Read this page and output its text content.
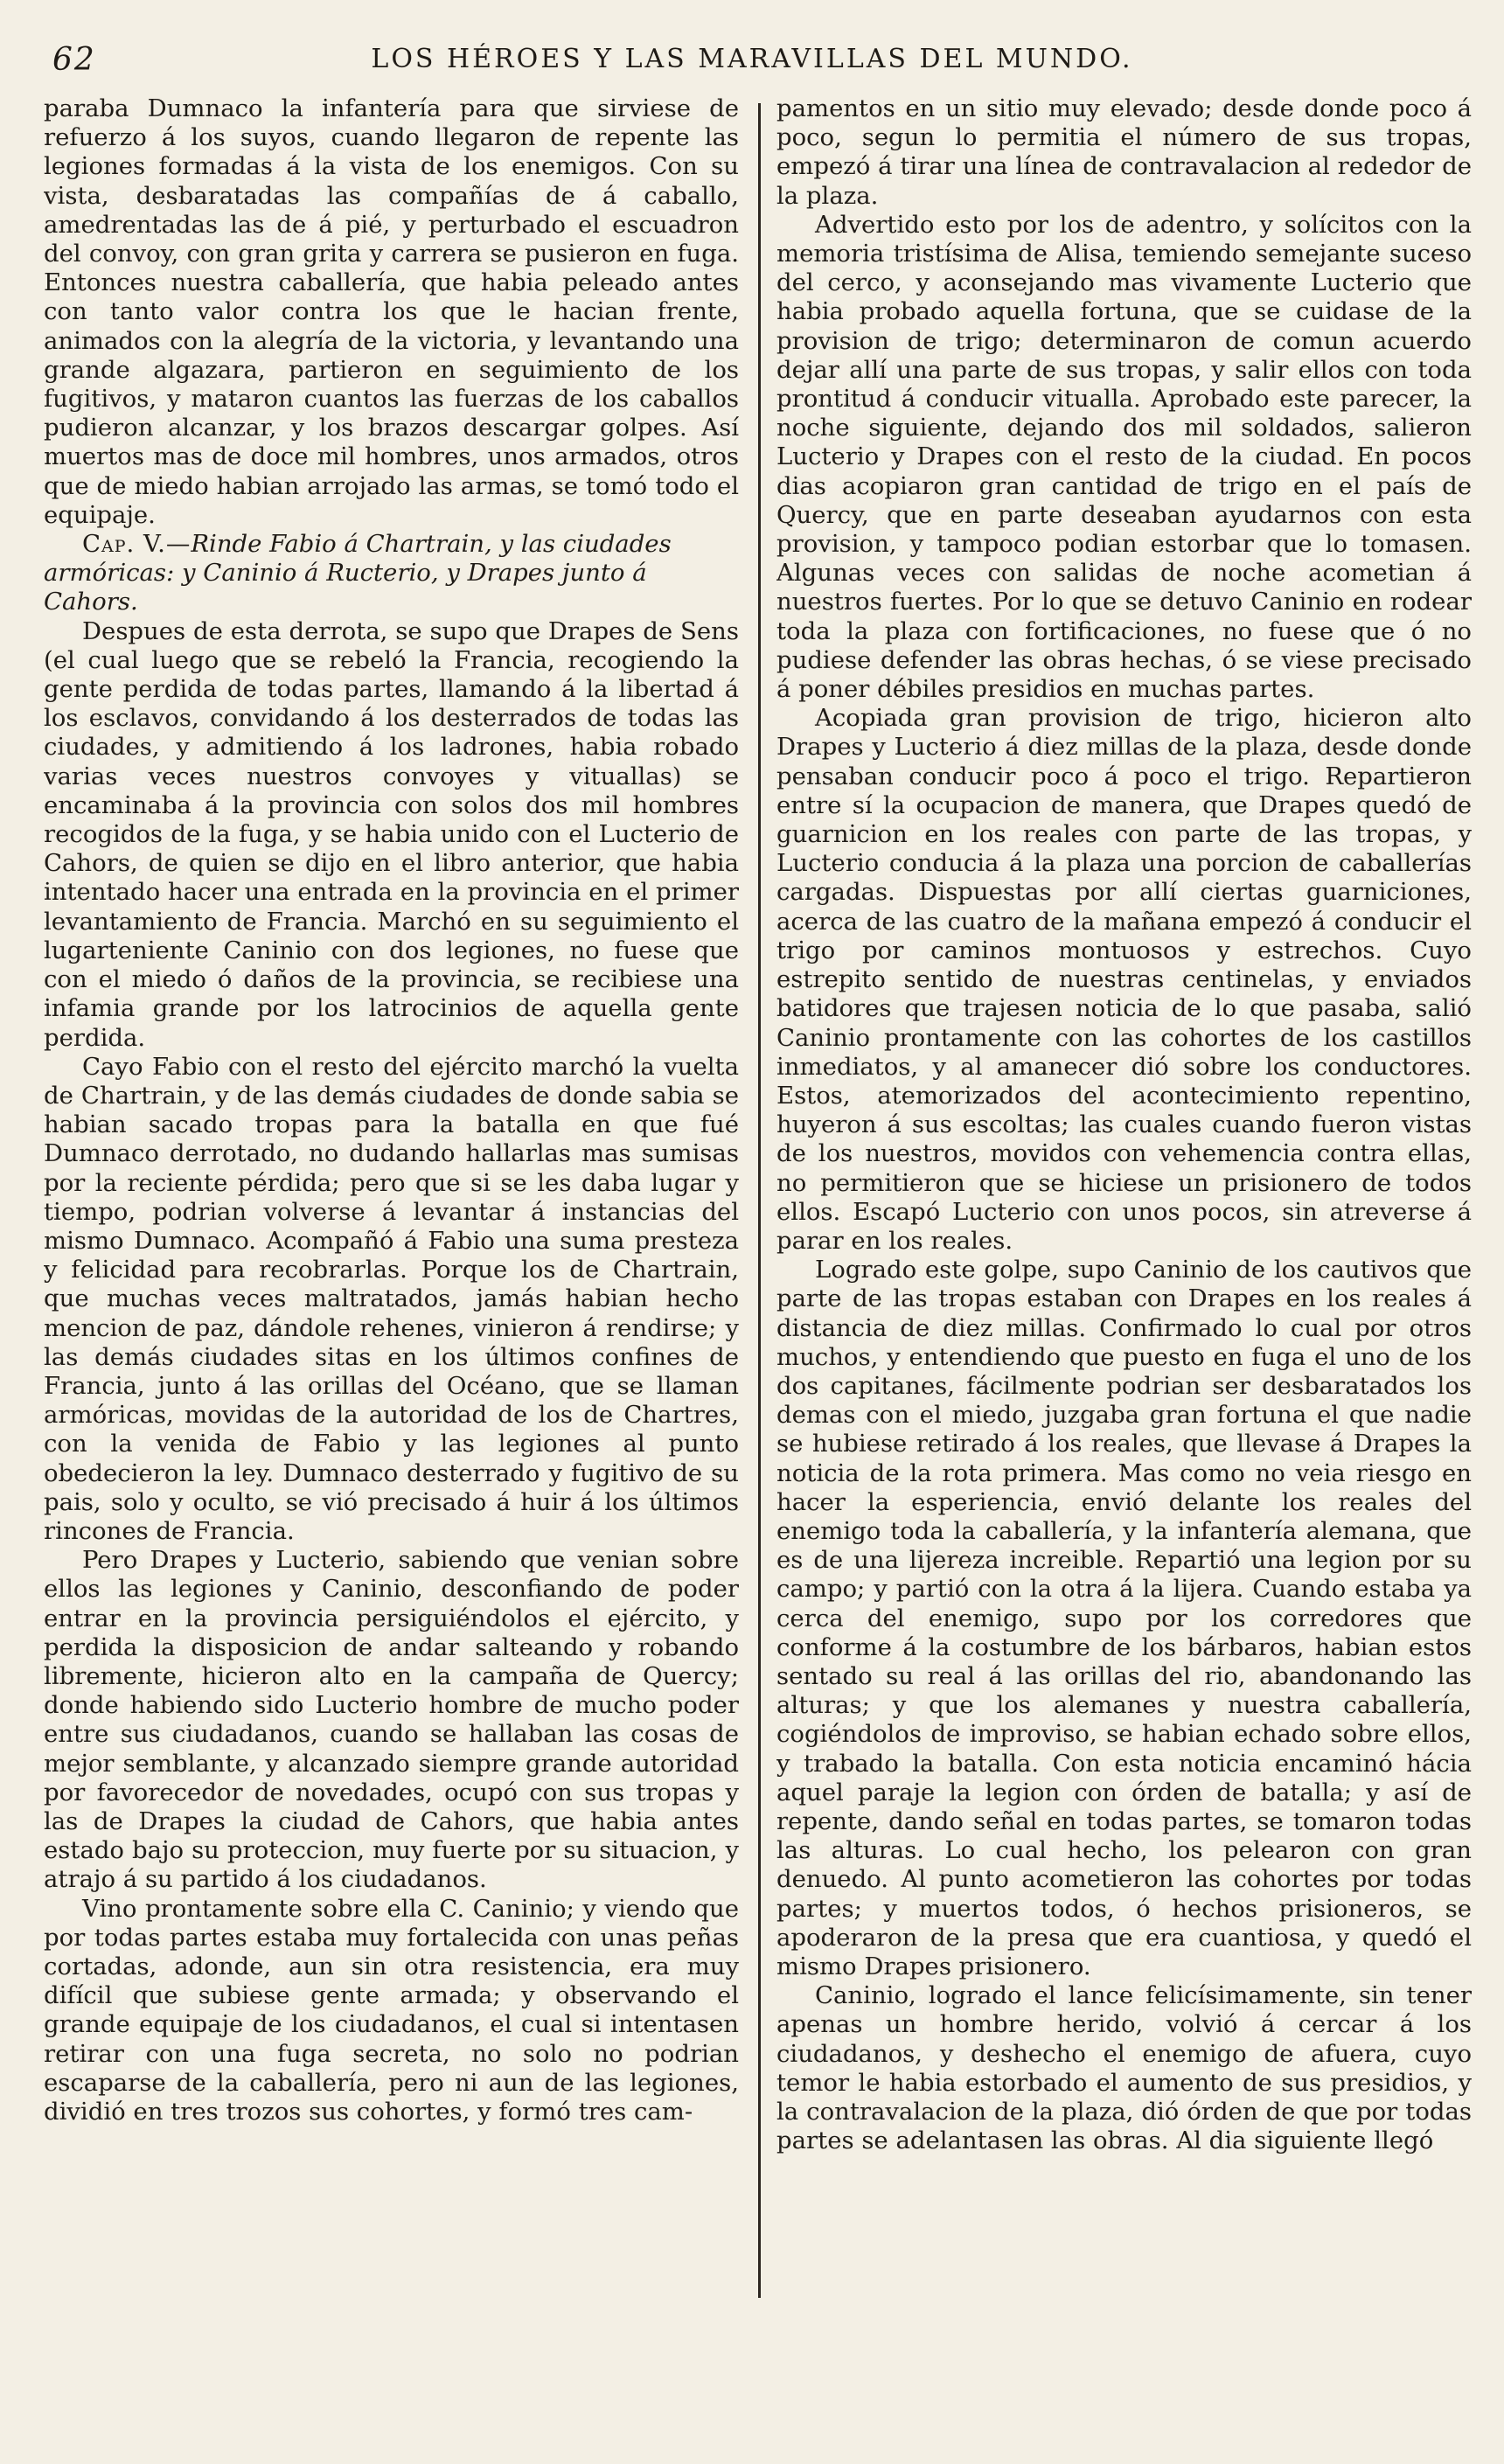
62	LOS HÉROES Y LAS MARAVILLAS DEL MUNDO.

paraba Dumnaco la infantería para que sirviese de refuerzo á los suyos, cuando llegaron de repente las legiones formadas á la vista de los enemigos. Con su vista, desbaratadas las compañías de á caballo, amedrentadas las de á pié, y perturbado el escuadron del convoy, con gran grita y carrera se pusieron en fuga. Entonces nuestra caballería, que habia peleado antes con tanto valor contra los que le hacian frente, animados con la alegría de la victoria, y levantando una grande algazara, partieron en seguimiento de los fugitivos, y mataron cuantos las fuerzas de los caballos pudieron alcanzar, y los brazos descargar golpes. Así muertos mas de doce mil hombres, unos armados, otros que de miedo habian arrojado las armas, se tomó todo el equipaje.

Cap. V.—Rinde Fabio á Chartrain, y las ciudades armóricas: y Caninio á Ructerio, y Drapes junto á Cahors.

Despues de esta derrota, se supo que Drapes de Sens (el cual luego que se rebeló la Francia, recogiendo la gente perdida de todas partes, llamando á la libertad á los esclavos, convidando á los desterrados de todas las ciudades, y admitiendo á los ladrones, habia robado varias veces nuestros convoyes y vituallas) se encaminaba á la provincia con solos dos mil hombres recogidos de la fuga, y se habia unido con el Lucterio de Cahors, de quien se dijo en el libro anterior, que habia intentado hacer una entrada en la provincia en el primer levantamiento de Francia. Marchó en su seguimiento el lugarteniente Caninio con dos legiones, no fuese que con el miedo ó daños de la provincia, se recibiese una infamia grande por los latrocinios de aquella gente perdida.

Cayo Fabio con el resto del ejército marchó la vuelta de Chartrain, y de las demás ciudades de donde sabia se habian sacado tropas para la batalla en que fué Dumnaco derrotado, no dudando hallarlas mas sumisas por la reciente pérdida; pero que si se les daba lugar y tiempo, podrian volverse á levantar á instancias del mismo Dumnaco. Acompañó á Fabio una suma presteza y felicidad para recobrarlas. Porque los de Chartrain, que muchas veces maltratados, jamás habian hecho mencion de paz, dándole rehenes, vinieron á rendirse; y las demás ciudades sitas en los últimos confines de Francia, junto á las orillas del Océano, que se llaman armóricas, movidas de la autoridad de los de Chartres, con la venida de Fabio y las legiones al punto obedecieron la ley. Dumnaco desterrado y fugitivo de su pais, solo y oculto, se vió precisado á huir á los últimos rincones de Francia.

Pero Drapes y Lucterio, sabiendo que venian sobre ellos las legiones y Caninio, desconfiando de poder entrar en la provincia persiguiéndolos el ejército, y perdida la disposicion de andar salteando y robando libremente, hicieron alto en la campaña de Quercy; donde habiendo sido Lucterio hombre de mucho poder entre sus ciudadanos, cuando se hallaban las cosas de mejor semblante, y alcanzado siempre grande autoridad por favorecedor de novedades, ocupó con sus tropas y las de Drapes la ciudad de Cahors, que habia antes estado bajo su proteccion, muy fuerte por su situacion, y atrajo á su partido á los ciudadanos.

Vino prontamente sobre ella C. Caninio; y viendo que por todas partes estaba muy fortalecida con unas peñas cortadas, adonde, aun sin otra resistencia, era muy difícil que subiese gente armada; y observando el grande equipaje de los ciudadanos, el cual si intentasen retirar con una fuga secreta, no solo no podrian escaparse de la caballería, pero ni aun de las legiones, dividió en tres trozos sus cohortes, y formó tres cam-

pamentos en un sitio muy elevado; desde donde poco á poco, segun lo permitia el número de sus tropas, empezó á tirar una línea de contravalacion al rededor de la plaza.

Advertido esto por los de adentro, y solícitos con la memoria tristísima de Alisa, temiendo semejante suceso del cerco, y aconsejando mas vivamente Lucterio que habia probado aquella fortuna, que se cuidase de la provision de trigo; determinaron de comun acuerdo dejar allí una parte de sus tropas, y salir ellos con toda prontitud á conducir vitualla. Aprobado este parecer, la noche siguiente, dejando dos mil soldados, salieron Lucterio y Drapes con el resto de la ciudad. En pocos dias acopiaron gran cantidad de trigo en el país de Quercy, que en parte deseaban ayudarnos con esta provision, y tampoco podian estorbar que lo tomasen. Algunas veces con salidas de noche acometian á nuestros fuertes. Por lo que se detuvo Caninio en rodear toda la plaza con fortificaciones, no fuese que ó no pudiese defender las obras hechas, ó se viese precisado á poner débiles presidios en muchas partes.

Acopiada gran provision de trigo, hicieron alto Drapes y Lucterio á diez millas de la plaza, desde donde pensaban conducir poco á poco el trigo. Repartieron entre sí la ocupacion de manera, que Drapes quedó de guarnicion en los reales con parte de las tropas, y Lucterio conducia á la plaza una porcion de caballerías cargadas. Dispuestas por allí ciertas guarniciones, acerca de las cuatro de la mañana empezó á conducir el trigo por caminos montuosos y estrechos. Cuyo estrepito sentido de nuestras centinelas, y enviados batidores que trajesen noticia de lo que pasaba, salió Caninio prontamente con las cohortes de los castillos inmediatos, y al amanecer dió sobre los conductores. Estos, atemorizados del acontecimiento repentino, huyeron á sus escoltas; las cuales cuando fueron vistas de los nuestros, movidos con vehemencia contra ellas, no permitieron que se hiciese un prisionero de todos ellos. Escapó Lucterio con unos pocos, sin atreverse á parar en los reales.

Logrado este golpe, supo Caninio de los cautivos que parte de las tropas estaban con Drapes en los reales á distancia de diez millas. Confirmado lo cual por otros muchos, y entendiendo que puesto en fuga el uno de los dos capitanes, fácilmente podrian ser desbaratados los demas con el miedo, juzgaba gran fortuna el que nadie se hubiese retirado á los reales, que llevase á Drapes la noticia de la rota primera. Mas como no veia riesgo en hacer la esperiencia, envió delante los reales del enemigo toda la caballería, y la infantería alemana, que es de una lijereza increible. Repartió una legion por su campo; y partió con la otra á la lijera. Cuando estaba ya cerca del enemigo, supo por los corredores que conforme á la costumbre de los bárbaros, habian estos sentado su real á las orillas del rio, abandonando las alturas; y que los alemanes y nuestra caballería, cogiéndolos de improviso, se habian echado sobre ellos, y trabado la batalla. Con esta noticia encaminó hácia aquel paraje la legion con órden de batalla; y así de repente, dando señal en todas partes, se tomaron todas las alturas. Lo cual hecho, los pelearon con gran denuedo. Al punto acometieron las cohortes por todas partes; y muertos todos, ó hechos prisioneros, se apoderaron de la presa que era cuantiosa, y quedó el mismo Drapes prisionero.

Caninio, logrado el lance felicísimamente, sin tener apenas un hombre herido, volvió á cercar á los ciudadanos, y deshecho el enemigo de afuera, cuyo temor le habia estorbado el aumento de sus presidios, y la contravalacion de la plaza, dió órden de que por todas partes se adelantasen las obras. Al dia siguiente llegó
